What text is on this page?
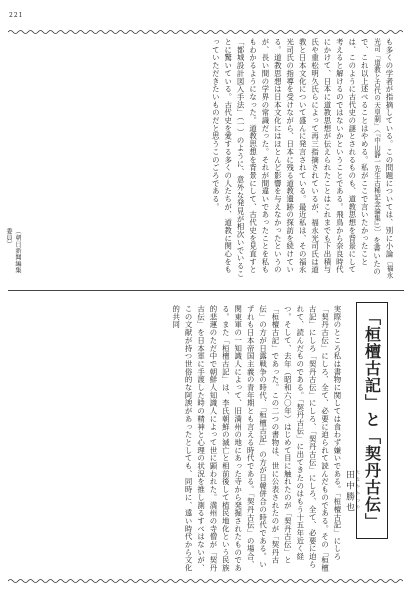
221
も多くの学者が指摘している。この問題については、別に小論〔福永光司「道教と古代の天皇制」（『中山静一先生古稀記念論集』）〕を書いたので、これ以上述べることはやめる。私がここで言いたかったことは、このように古代史の謎とされるものも、道教思想を背景にして考えると解けるのではないかということである。飛鳥から奈良時代にかけて、日本に道教思想が伝えられたことはこれまでも下出積与氏や重松明久氏らによって再三指摘されているが、福永光司氏は道教と日本文化について盛んに発言されている。最近私は、その福永光司氏の指導を受けながら、日本に残る道教遺跡の探訪を続けている。道教思想は日本文化にはほとんど影響を与えなかったというのが、長い間の学界の常識だった。それが間違いであったことを私ももわかるようになった。道教思想を背景にして、古代史を見直すと「都城設計図入手法」（一）のように、意外な発見が相次いでいることに驚いている。古代史を愛する多くの人たちが、道教に関心をもっていただきたいものだと思うこのごろである。
（朝日新聞編集委員）
「桓檀古記」と「契丹古伝」
たなかかつや
田中勝也
実際のところ私は書物に関しては食わず嫌いである。「桓檀古記」にしろ「契丹古伝」にしろ、全て、必要に迫られて読んだものである。その「桓檀古記」にしろ「契丹古伝」にしろ、「契丹古伝」にしろ、全て、必要に迫られて、読んだものである。「契丹古伝」に出てきたのはもう十五年近く経つ。そして、去年（昭和六〇年）はじめて目に触れたのが「契丹古伝」と「桓檀古記」であった。この二つの書物は、世に公表されたのが「契丹古伝」の方が日露戦争の時代、「桓檀古記」の方が日韓併合の時代である。いずれも日本帝国主義の青年期とも言える時代である。「契丹古伝」の場合、関東軍の一知識人によって、旧満州の地にあった寺から発掘されたものである。また「桓檀古記」は、李氏朝鮮の滅亡と相前後して植民地化という民族的悲運のただ中で朝鮮人知識人によって世に顕われた。満州の寺僧が「契丹古伝」を日本軍に手渡した時の精神と心理の状況を推し測るすべはないが、この文献が持つ世俗的な阿諛があったとしても、同時に、遠い時代から文化的共同
